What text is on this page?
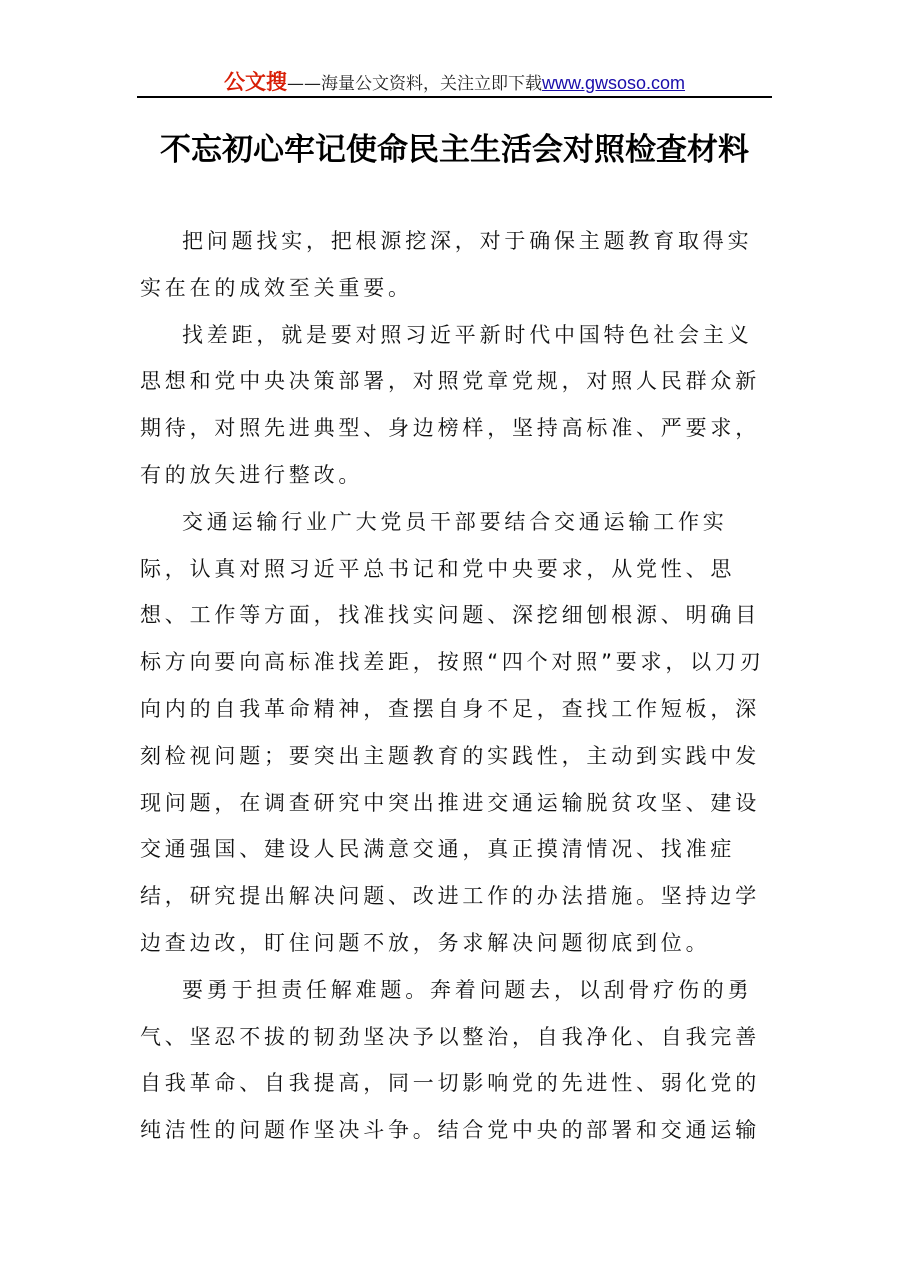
公文搜——海量公文资料，关注立即下载www.gwsoso.com
不忘初心牢记使命民主生活会对照检查材料

把问题找实，把根源挖深，对于确保主题教育取得实实在在的成效至关重要。

找差距，就是要对照习近平新时代中国特色社会主义思想和党中央决策部署，对照党章党规，对照人民群众新期待，对照先进典型、身边榜样，坚持高标准、严要求，有的放矢进行整改。

交通运输行业广大党员干部要结合交通运输工作实际，认真对照习近平总书记和党中央要求，从党性、思想、工作等方面，找准找实问题、深挖细刨根源、明确目标方向要向高标准找差距，按照“四个对照”要求，以刀刃向内的自我革命精神，查摆自身不足，查找工作短板，深刻检视问题；要突出主题教育的实践性，主动到实践中发现问题，在调查研究中突出推进交通运输脱贫攻坚、建设交通强国、建设人民满意交通，真正摸清情况、找准症结，研究提出解决问题、改进工作的办法措施。坚持边学边查边改，盯住问题不放，务求解决问题彻底到位。

要勇于担责任解难题。奔着问题去，以刮骨疗伤的勇气、坚忍不拔的韧劲坚决予以整治，自我净化、自我完善自我革命、自我提高，同一切影响党的先进性、弱化党的纯洁性的问题作坚决斗争。结合党中央的部署和交通运输
